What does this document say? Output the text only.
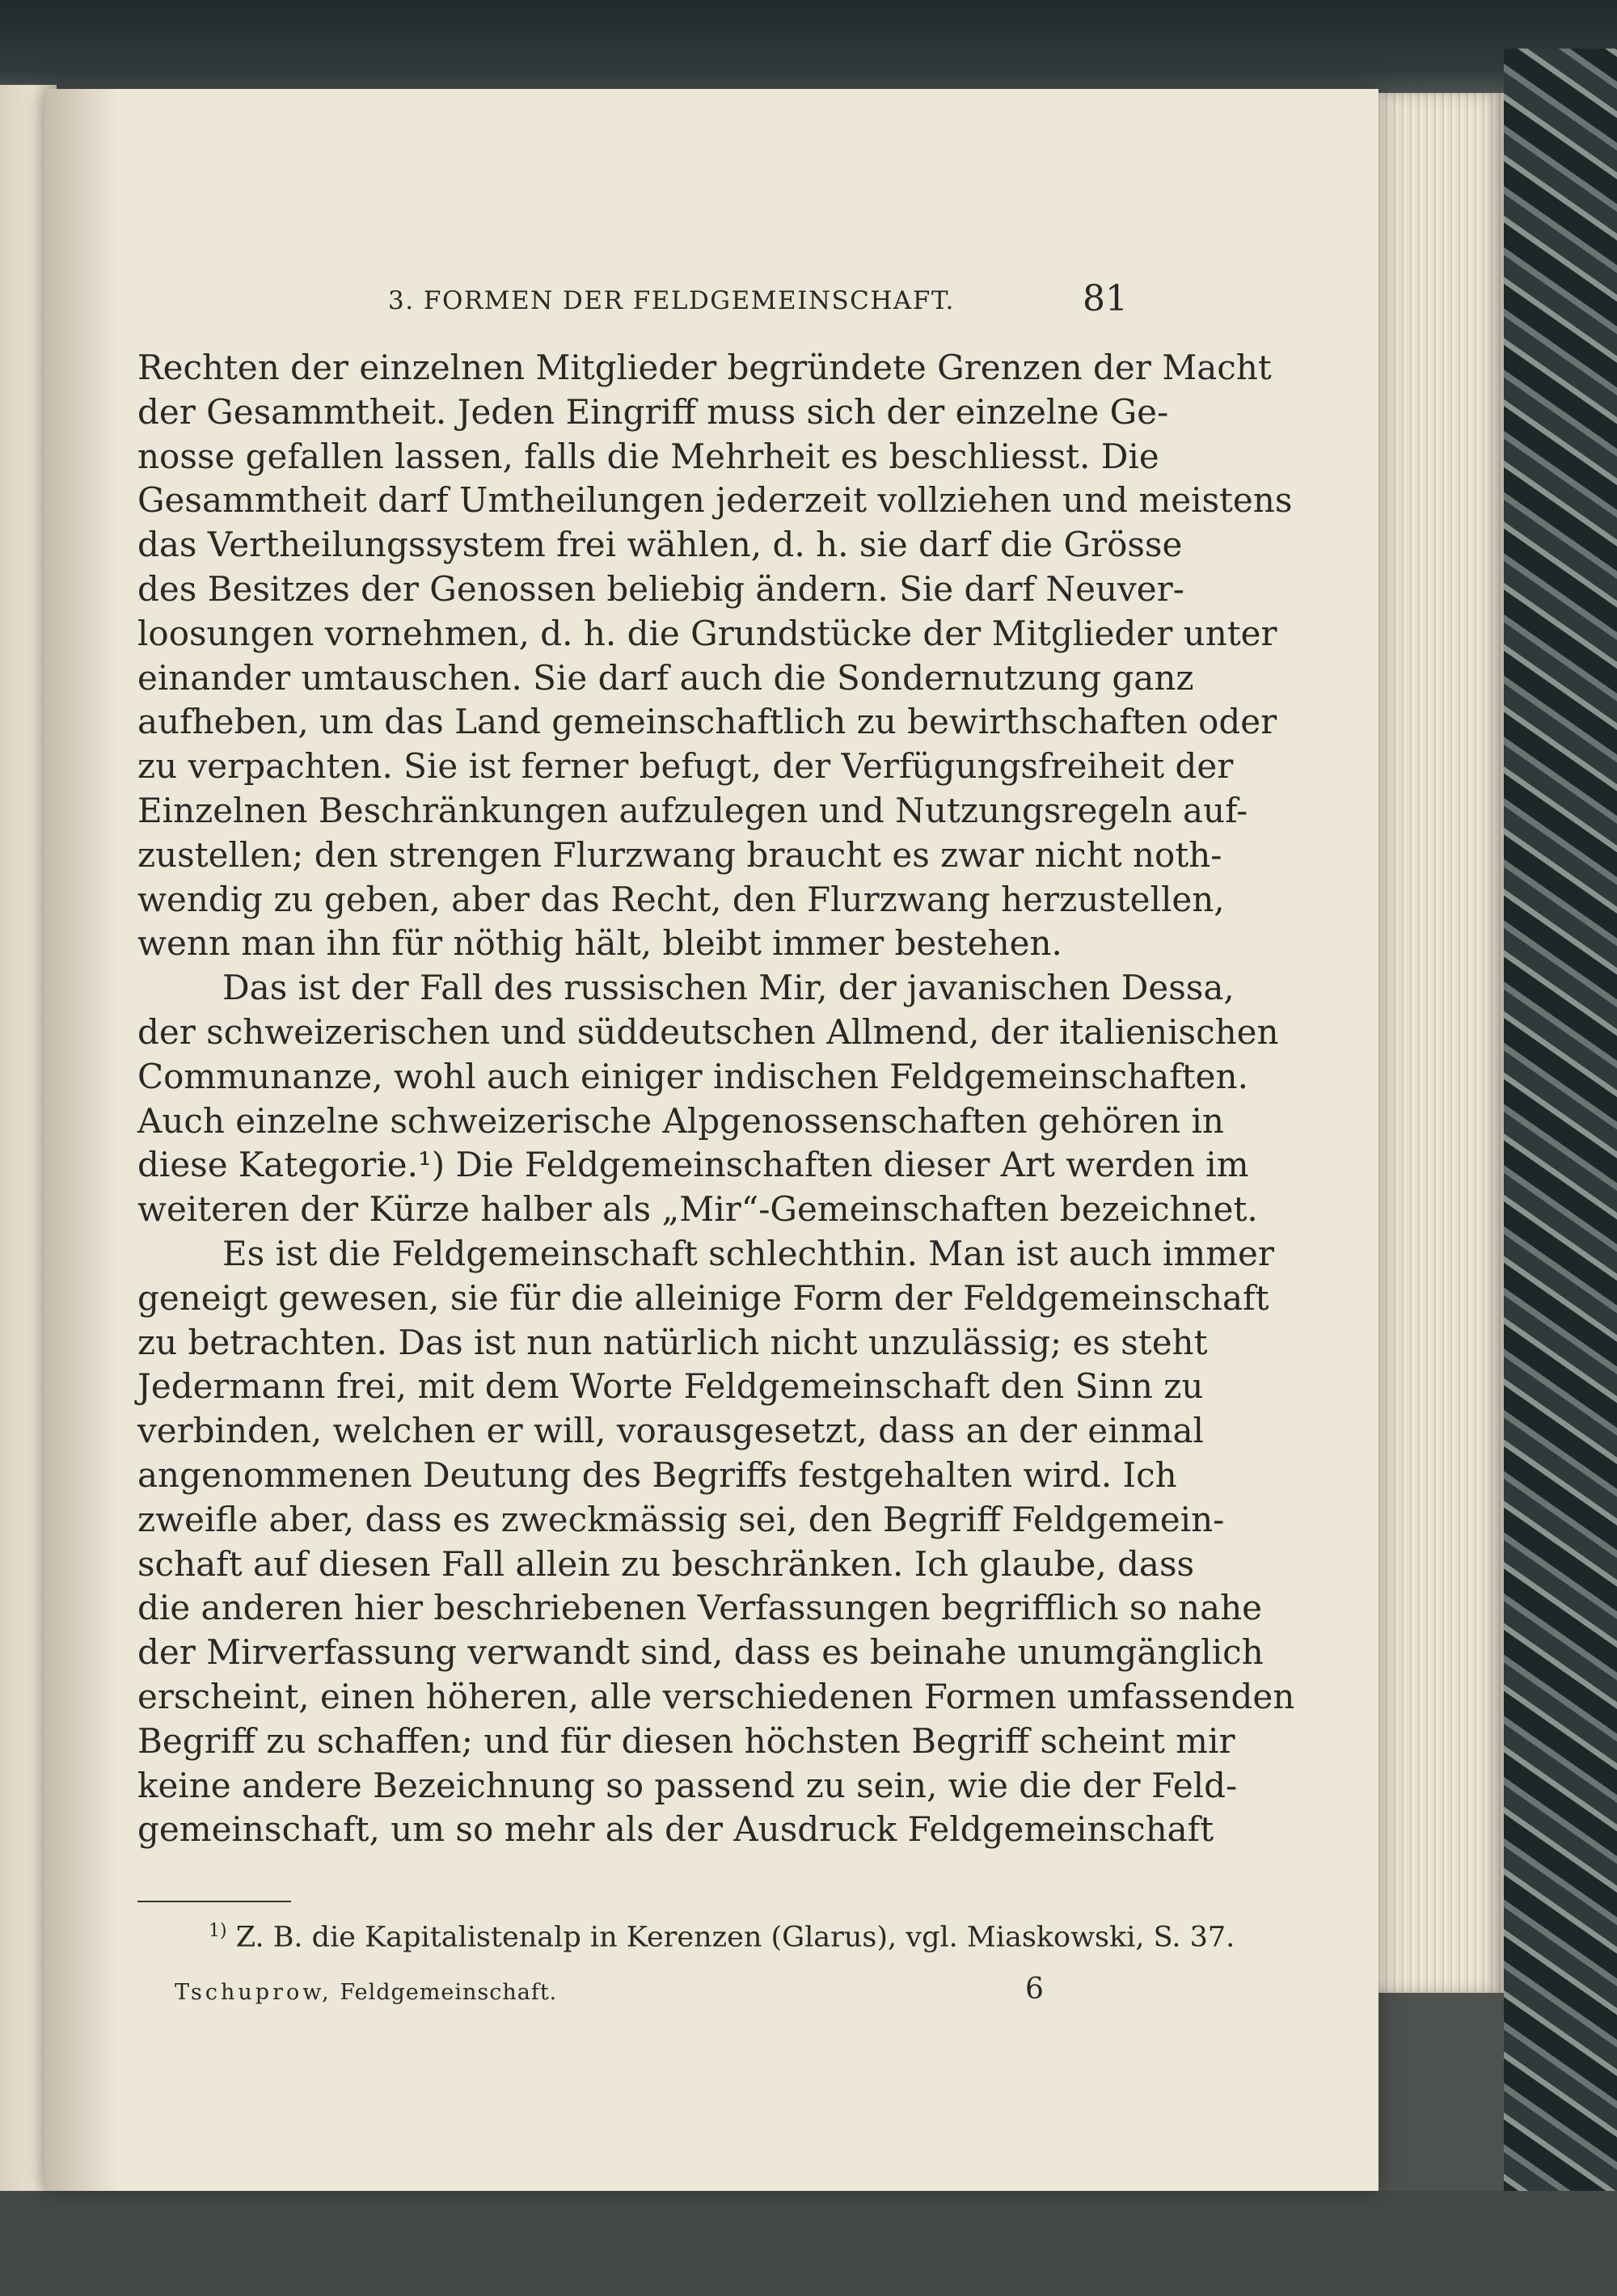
3. FORMEN DER FELDGEMEINSCHAFT.	81
Rechten der einzelnen Mitglieder begründete Grenzen der Macht
der Gesammtheit. Jeden Eingriff muss sich der einzelne Ge-
nosse gefallen lassen, falls die Mehrheit es beschliesst. Die
Gesammtheit darf Umtheilungen jederzeit vollziehen und meistens
das Vertheilungssystem frei wählen, d. h. sie darf die Grösse
des Besitzes der Genossen beliebig ändern. Sie darf Neuver-
loosungen vornehmen, d. h. die Grundstücke der Mitglieder unter
einander umtauschen. Sie darf auch die Sondernutzung ganz
aufheben, um das Land gemeinschaftlich zu bewirthschaften oder
zu verpachten. Sie ist ferner befugt, der Verfügungsfreiheit der
Einzelnen Beschränkungen aufzulegen und Nutzungsregeln auf-
zustellen; den strengen Flurzwang braucht es zwar nicht noth-
wendig zu geben, aber das Recht, den Flurzwang herzustellen,
wenn man ihn für nöthig hält, bleibt immer bestehen.
Das ist der Fall des russischen Mir, der javanischen Dessa,
der schweizerischen und süddeutschen Allmend, der italienischen
Communanze, wohl auch einiger indischen Feldgemeinschaften.
Auch einzelne schweizerische Alpgenossenschaften gehören in
diese Kategorie.¹) Die Feldgemeinschaften dieser Art werden im
weiteren der Kürze halber als „Mir“-Gemeinschaften bezeichnet.
Es ist die Feldgemeinschaft schlechthin. Man ist auch immer
geneigt gewesen, sie für die alleinige Form der Feldgemeinschaft
zu betrachten. Das ist nun natürlich nicht unzulässig; es steht
Jedermann frei, mit dem Worte Feldgemeinschaft den Sinn zu
verbinden, welchen er will, vorausgesetzt, dass an der einmal
angenommenen Deutung des Begriffs festgehalten wird. Ich
zweifle aber, dass es zweckmässig sei, den Begriff Feldgemein-
schaft auf diesen Fall allein zu beschränken. Ich glaube, dass
die anderen hier beschriebenen Verfassungen begrifflich so nahe
der Mirverfassung verwandt sind, dass es beinahe unumgänglich
erscheint, einen höheren, alle verschiedenen Formen umfassenden
Begriff zu schaffen; und für diesen höchsten Begriff scheint mir
keine andere Bezeichnung so passend zu sein, wie die der Feld-
gemeinschaft, um so mehr als der Ausdruck Feldgemeinschaft
$^{1)}$ Z. B. die Kapitalistenalp in Kerenzen (Glarus), vgl. Miaskowski, S. 37.
Tschuprow, Feldgemeinschaft.	6
